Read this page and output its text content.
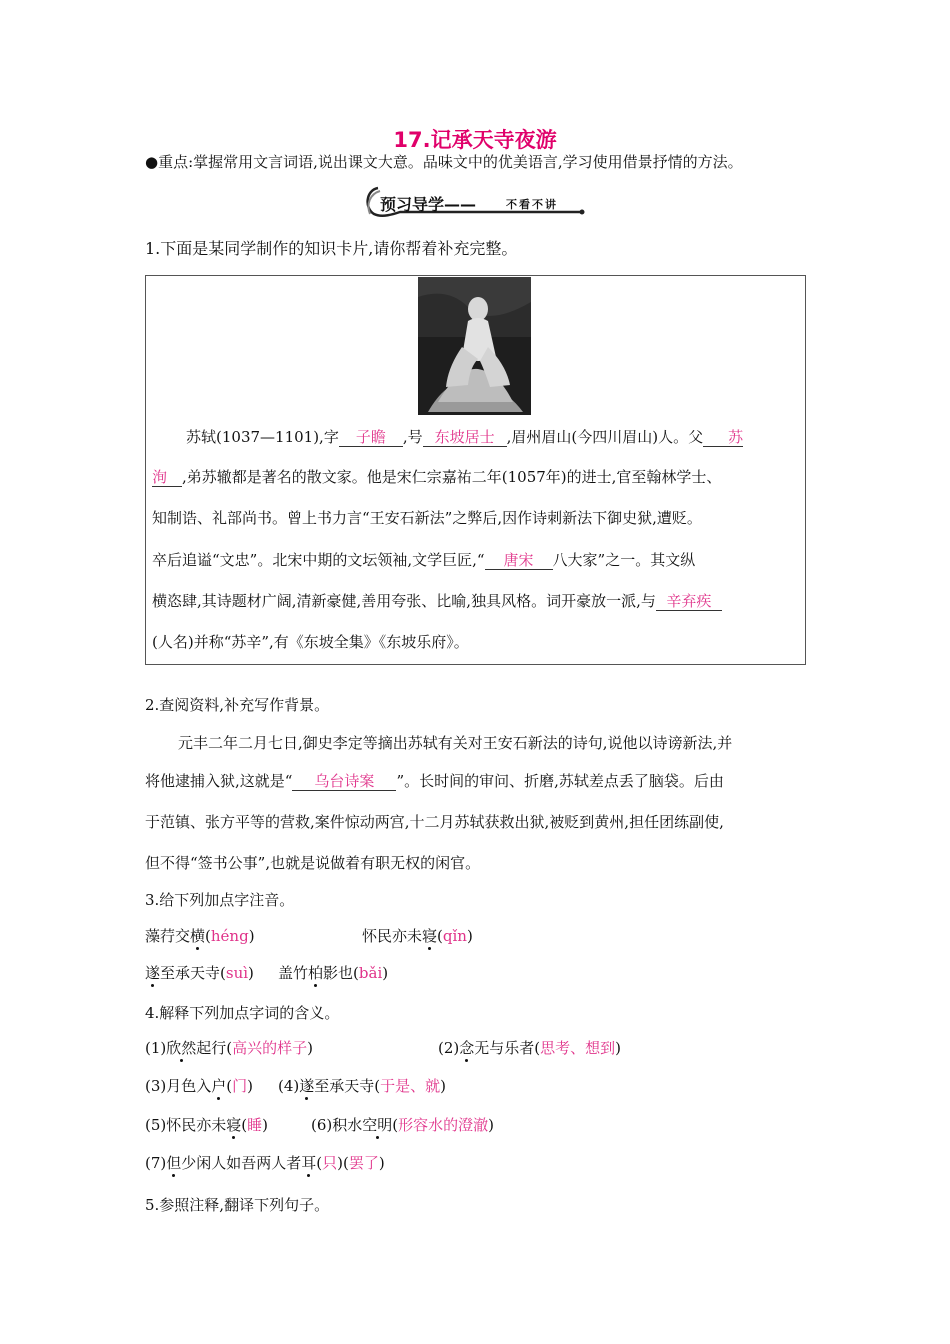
17.记承天寺夜游
●重点:掌握常用文言词语,说出课文大意。品味文中的优美语言,学习使用借景抒情的方法。
预习导学——	不看不讲
1.下面是某同学制作的知识卡片,请你帮着补充完整。
苏轼(1037—1101),字 子瞻 ,号 东坡居士 ,眉州眉山(今四川眉山)人。父 苏
洵 ,弟苏辙都是著名的散文家。他是宋仁宗嘉祐二年(1057年)的进士,官至翰林学士、
知制诰、礼部尚书。曾上书力言“王安石新法”之弊后,因作诗刺新法下御史狱,遭贬。
卒后追谥“文忠”。北宋中期的文坛领袖,文学巨匠,“ 唐宋 八大家”之一。其文纵
横恣肆,其诗题材广阔,清新豪健,善用夸张、比喻,独具风格。词开豪放一派,与 辛弃疾
(人名)并称“苏辛”,有《东坡全集》《东坡乐府》。
2.查阅资料,补充写作背景。
元丰二年二月七日,御史李定等摘出苏轼有关对王安石新法的诗句,说他以诗谤新法,并
将他逮捕入狱,这就是“ 乌台诗案 ”。长时间的审问、折磨,苏轼差点丢了脑袋。后由
于范镇、张方平等的营救,案件惊动两宫,十二月苏轼获救出狱,被贬到黄州,担任团练副使,
但不得“签书公事”,也就是说做着有职无权的闲官。
3.给下列加点字注音。
藻荇交横(héng)	怀民亦未寝(qǐn)
遂至承天寺(suì) 盖竹柏影也(bǎi)
4.解释下列加点字词的含义。
(1)欣然起行(高兴的样子)	(2)念无与乐者(思考、想到)
(3)月色入户(门) (4)遂至承天寺(于是、就)
(5)怀民亦未寝(睡)	(6)积水空明(形容水的澄澈)
(7)但少闲人如吾两人者耳(只)(罢了)
5.参照注释,翻译下列句子。
